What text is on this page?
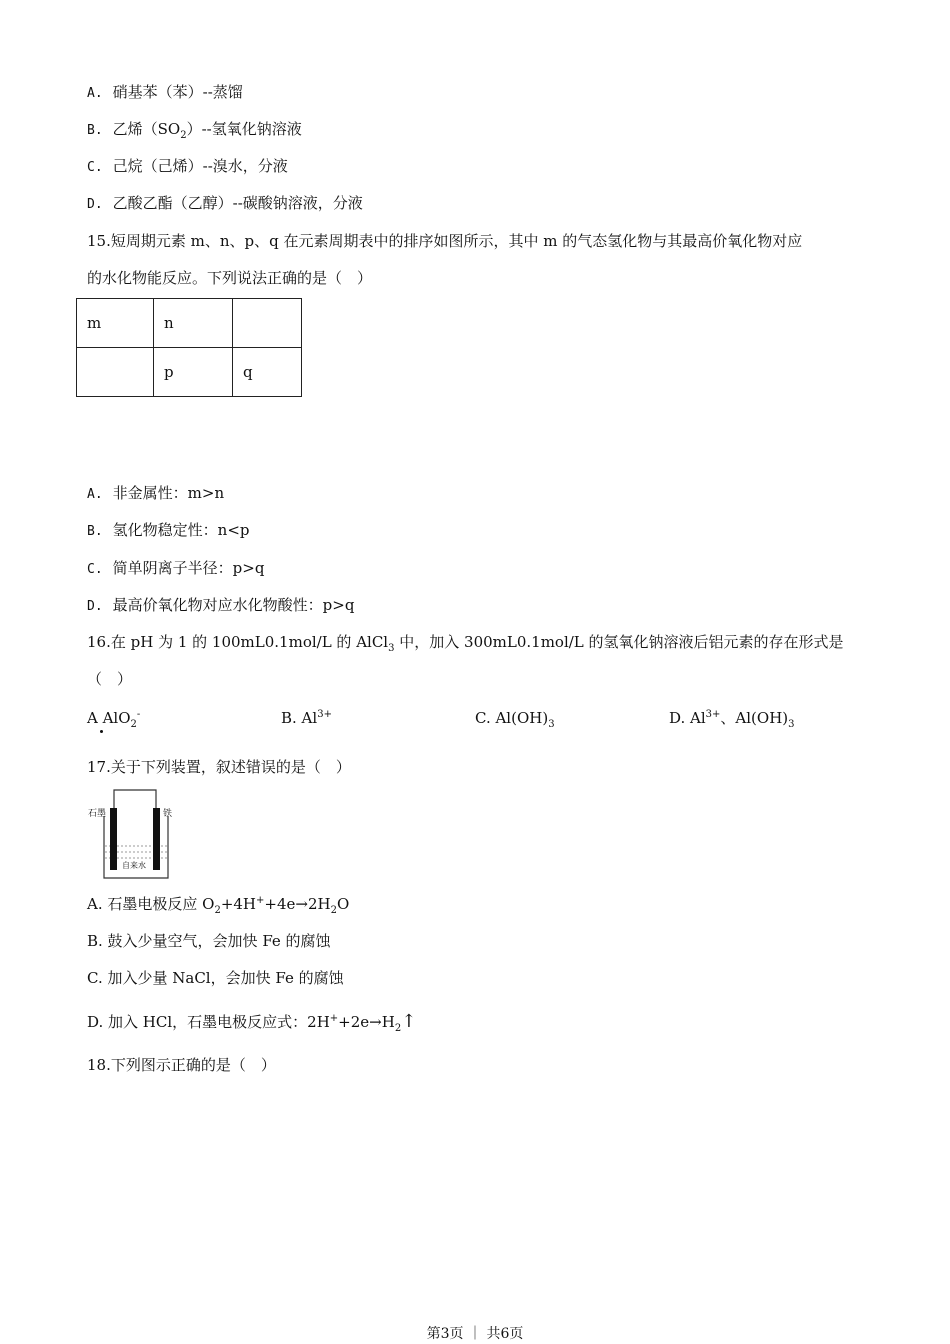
A. 硝基苯（苯）--蒸馏
B. 乙烯$(SO_2)--$氢氧化钠溶液
C. 己烷（己烯）--溴水，分液
D. 乙酸乙酯（乙醇）--碳酸钠溶液，分液
15.短周期元素 m、n、p、q 在元素周期表中的排序如图所示，其中 m 的气态氢化物与其最高价氧化物对应
的水化物能反应。下列说法正确的是（　）
m	n	
	p	q
A. 非金属性：m>n
B. 氢化物稳定性：n<p
C. 简单阴离子半径：p>q
D. 最高价氧化物对应水化物酸性：p>q
16.在 pH 为 1 的 100mL0.1mol/L 的 AlCl$_3$ 中，加入 300mL0.1mol/L 的氢氧化钠溶液后铝元素的存在形式是
（　）
A AlO$_2$-	B. $Al^{3+}$	C. $Al(OH)_3$	D. $Al^{3+}$、$Al(OH)_3$
17.关于下列装置，叙述错误的是（　）
石墨	铁
自来水
A. 石墨电极反应 $O_2+4H^++4e\to 2H_2O$
B. 鼓入少量空气，会加快 Fe 的腐蚀
C. 加入少量 NaCl，会加快 Fe 的腐蚀
D. 加入 HCl，石墨电极反应式：$2H^++2e\to H_2↑$
18.下列图示正确的是（　）
第3页 ｜ 共6页
